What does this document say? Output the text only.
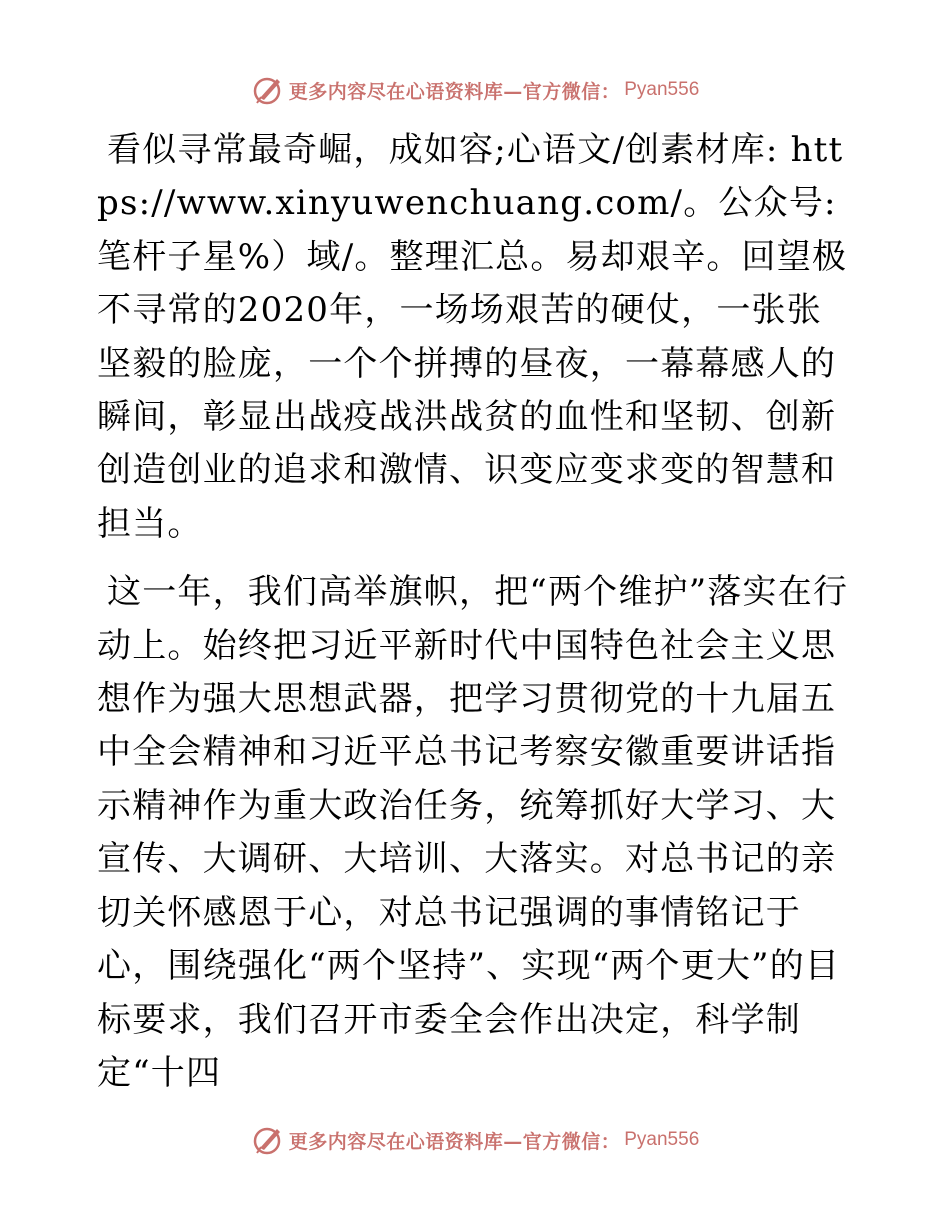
更多内容尽在心语资料库—官方微信： Pyan556

看似寻常最奇崛，成如容;心语文/创素材库: https://www.xinyuwenchuang.com/。公众号: 笔杆子星%）域/。整理汇总。易却艰辛。回望极不寻常的2020年，一场场艰苦的硬仗，一张张坚毅的脸庞，一个个拼搏的昼夜，一幕幕感人的瞬间，彰显出战疫战洪战贫的血性和坚韧、创新创造创业的追求和激情、识变应变求变的智慧和担当。

这一年，我们高举旗帜，把“两个维护”落实在行动上。始终把习近平新时代中国特色社会主义思想作为强大思想武器，把学习贯彻党的十九届五中全会精神和习近平总书记考察安徽重要讲话指示精神作为重大政治任务，统筹抓好大学习、大宣传、大调研、大培训、大落实。对总书记的亲切关怀感恩于心，对总书记强调的事情铭记于心，围绕强化“两个坚持”、实现“两个更大”的目标要求，我们召开市委全会作出决定，科学制定“十四

更多内容尽在心语资料库—官方微信： Pyan556
